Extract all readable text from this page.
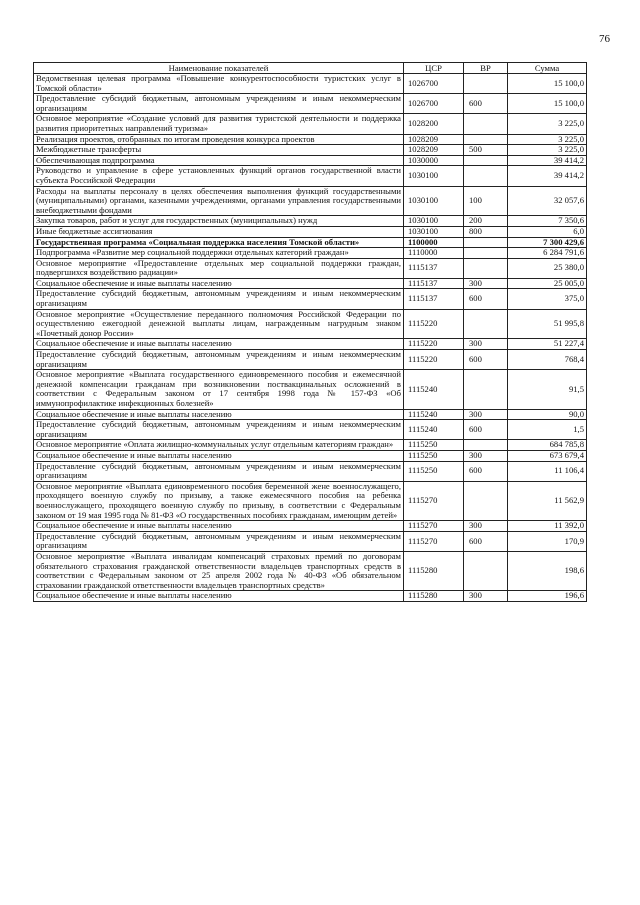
76
Наименование показателей	ЦСР	ВР	Сумма
Ведомственная целевая программа «Повышение конкурентоспособности туристских услуг в Томской области»	1026700		15 100,0
Предоставление субсидий бюджетным, автономным учреждениям и иным некоммерческим организациям	1026700	600	15 100,0
Основное мероприятие «Создание условий для развития туристской деятельности и поддержка развития приоритетных направлений туризма»	1028200		3 225,0
Реализация проектов, отобранных по итогам проведения конкурса проектов	1028209		3 225,0
Межбюджетные трансферты	1028209	500	3 225,0
Обеспечивающая подпрограмма	1030000		39 414,2
Руководство и управление в сфере установленных функций органов государственной власти субъекта Российской Федерации	1030100		39 414,2
Расходы на выплаты персоналу в целях обеспечения выполнения функций государственными (муниципальными) органами, казенными учреждениями, органами управления государственными внебюджетными фондами	1030100	100	32 057,6
Закупка товаров, работ и услуг для государственных (муниципальных) нужд	1030100	200	7 350,6
Иные бюджетные ассигнования	1030100	800	6,0
Государственная программа «Социальная поддержка населения Томской области»	1100000		7 300 429,6
Подпрограмма «Развитие мер социальной поддержки отдельных категорий граждан»	1110000		6 284 791,6
Основное мероприятие «Предоставление отдельных мер социальной поддержки граждан, подвергшихся воздействию радиации»	1115137		25 380,0
Социальное обеспечение и иные выплаты населению	1115137	300	25 005,0
Предоставление субсидий бюджетным, автономным учреждениям и иным некоммерческим организациям	1115137	600	375,0
Основное мероприятие «Осуществление переданного полномочия Российской Федерации по осуществлению ежегодной денежной выплаты лицам, награжденным нагрудным знаком «Почетный донор России»	1115220		51 995,8
Социальное обеспечение и иные выплаты населению	1115220	300	51 227,4
Предоставление субсидий бюджетным, автономным учреждениям и иным некоммерческим организациям	1115220	600	768,4
Основное мероприятие «Выплата государственного единовременного пособия и ежемесячной денежной компенсации гражданам при возникновении поствакцинальных осложнений в соответствии с Федеральным законом от 17 сентября 1998 года № 157-ФЗ «Об иммунопрофилактике инфекционных болезней»	1115240		91,5
Социальное обеспечение и иные выплаты населению	1115240	300	90,0
Предоставление субсидий бюджетным, автономным учреждениям и иным некоммерческим организациям	1115240	600	1,5
Основное мероприятие «Оплата жилищно-коммунальных услуг отдельным категориям граждан»	1115250		684 785,8
Социальное обеспечение и иные выплаты населению	1115250	300	673 679,4
Предоставление субсидий бюджетным, автономным учреждениям и иным некоммерческим организациям	1115250	600	11 106,4
Основное мероприятие «Выплата единовременного пособия беременной жене военнослужащего, проходящего военную службу по призыву, а также ежемесячного пособия на ребенка военнослужащего, проходящего военную службу по призыву, в соответствии с Федеральным законом от 19 мая 1995 года № 81-ФЗ «О государственных пособиях гражданам, имеющим детей»	1115270		11 562,9
Социальное обеспечение и иные выплаты населению	1115270	300	11 392,0
Предоставление субсидий бюджетным, автономным учреждениям и иным некоммерческим организациям	1115270	600	170,9
Основное мероприятие «Выплата инвалидам компенсаций страховых премий по договорам обязательного страхования гражданской ответственности владельцев транспортных средств в соответствии с Федеральным законом от 25 апреля 2002 года № 40-ФЗ «Об обязательном страховании гражданской ответственности владельцев транспортных средств»	1115280		198,6
Социальное обеспечение и иные выплаты населению	1115280	300	196,6
